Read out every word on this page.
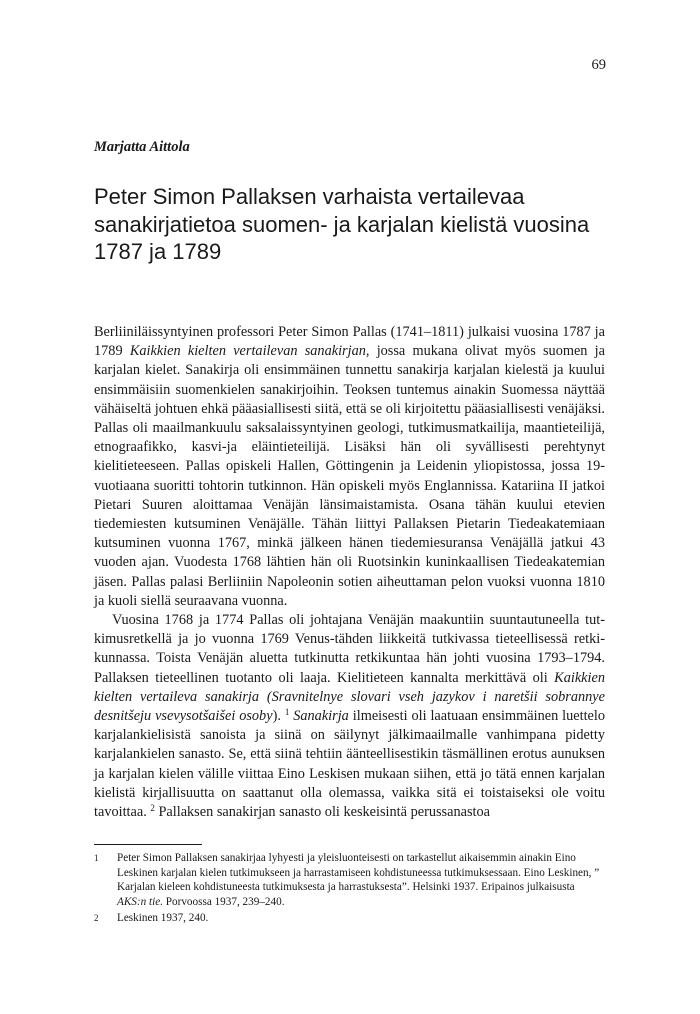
69
Marjatta Aittola
Peter Simon Pallaksen varhaista vertailevaa sanakirjatietoa suomen- ja karjalan kielistä vuosina 1787 ja 1789

Berliiniläissyntyinen professori Peter Simon Pallas (1741–1811) julkaisi vuosina 1787 ja 1789 Kaikkien kielten vertailevan sanakirjan, jossa mukana olivat myös suomen ja karjalan kielet. Sanakirja oli ensimmäinen tunnettu sanakirja karjalan kielestä ja kuului ensimmäisiin suomenkielen sanakirjoihin. Teoksen tuntemus ainakin Suomessa näyttää vähäiseltä johtuen ehkä pääasiallisesti siitä, että se oli kirjoitettu pääasiallisesti venäjäksi. Pallas oli maailmankuulu saksalaissyntyinen geologi, tutkimusmatkailija, maantieteilijä, etnograafikko, kasvi-ja eläintieteilijä. Lisäksi hän oli syvällisesti perehtynyt kielitieteeseen. Pallas opiskeli Hallen, Göttingenin ja Leidenin yliopistossa, jossa 19-vuotiaana suoritti tohtorin tutkinnon. Hän opiskeli myös Englannissa. Katariina II jatkoi Pietari Suuren aloittamaa Venäjän länsimaistamista. Osana tähän kuului etevien tiedemiesten kutsuminen Venäjälle. Tähän liittyi Pallaksen Pietarin Tiedeakatemiaan kutsuminen vuonna 1767, minkä jälkeen hänen tiedemiesuransa Venäjällä jatkui 43 vuoden ajan. Vuodesta 1768 lähtien hän oli Ruotsinkin kuninkaallisen Tiedeakatemian jäsen. Pallas palasi Berliiniin Napoleonin sotien aiheuttaman pelon vuoksi vuonna 1810 ja kuoli siellä seuraavana vuonna.

Vuosina 1768 ja 1774 Pallas oli johtajana Venäjän maakuntiin suuntautuneella tutkimusretkellä ja jo vuonna 1769 Venus-tähden liikkeitä tutkivassa tieteellisessä retkikunnassa. Toista Venäjän aluetta tutkinutta retkikuntaa hän johti vuosina 1793–1794. Pallaksen tieteellinen tuotanto oli laaja. Kielitieteen kannalta merkittävä oli Kaikkien kielten vertaileva sanakirja (Sravnitelnye slovari vseh jazykov i naretšii sobrannye desnitšeju vsevysotšaišei osoby). $^1$ Sanakirja ilmeisesti oli laatuaan ensimmäinen luettelo karjalankielisistä sanoista ja siinä on säilynyt jälkimaailmalle vanhimpana pidetty karjalankielen sanasto. Se, että siinä tehtiin äänteellisestikin täsmällinen erotus aunuksen ja karjalan kielen välille viittaa Eino Leskisen mukaan siihen, että jo tätä ennen karjalan kielistä kirjallisuutta on saattanut olla olemassa, vaikka sitä ei toistaiseksi ole voitu tavoittaa. $^2$ Pallaksen sanakirjan sanasto oli keskeisintä perussanastoa

1	Peter Simon Pallaksen sanakirjaa lyhyesti ja yleisluonteisesti on tarkastellut aikaisemmin ainakin Eino Leskinen karjalan kielen tutkimukseen ja harrastamiseen kohdistuneessa tutkimuksessaan. Eino Leskinen, ” Karjalan kieleen kohdistuneesta tutkimuksesta ja harrastuksesta”. Helsinki 1937. Eripainos julkaisusta AKS:n tie. Porvoossa 1937, 239–240.
2	Leskinen 1937, 240.
